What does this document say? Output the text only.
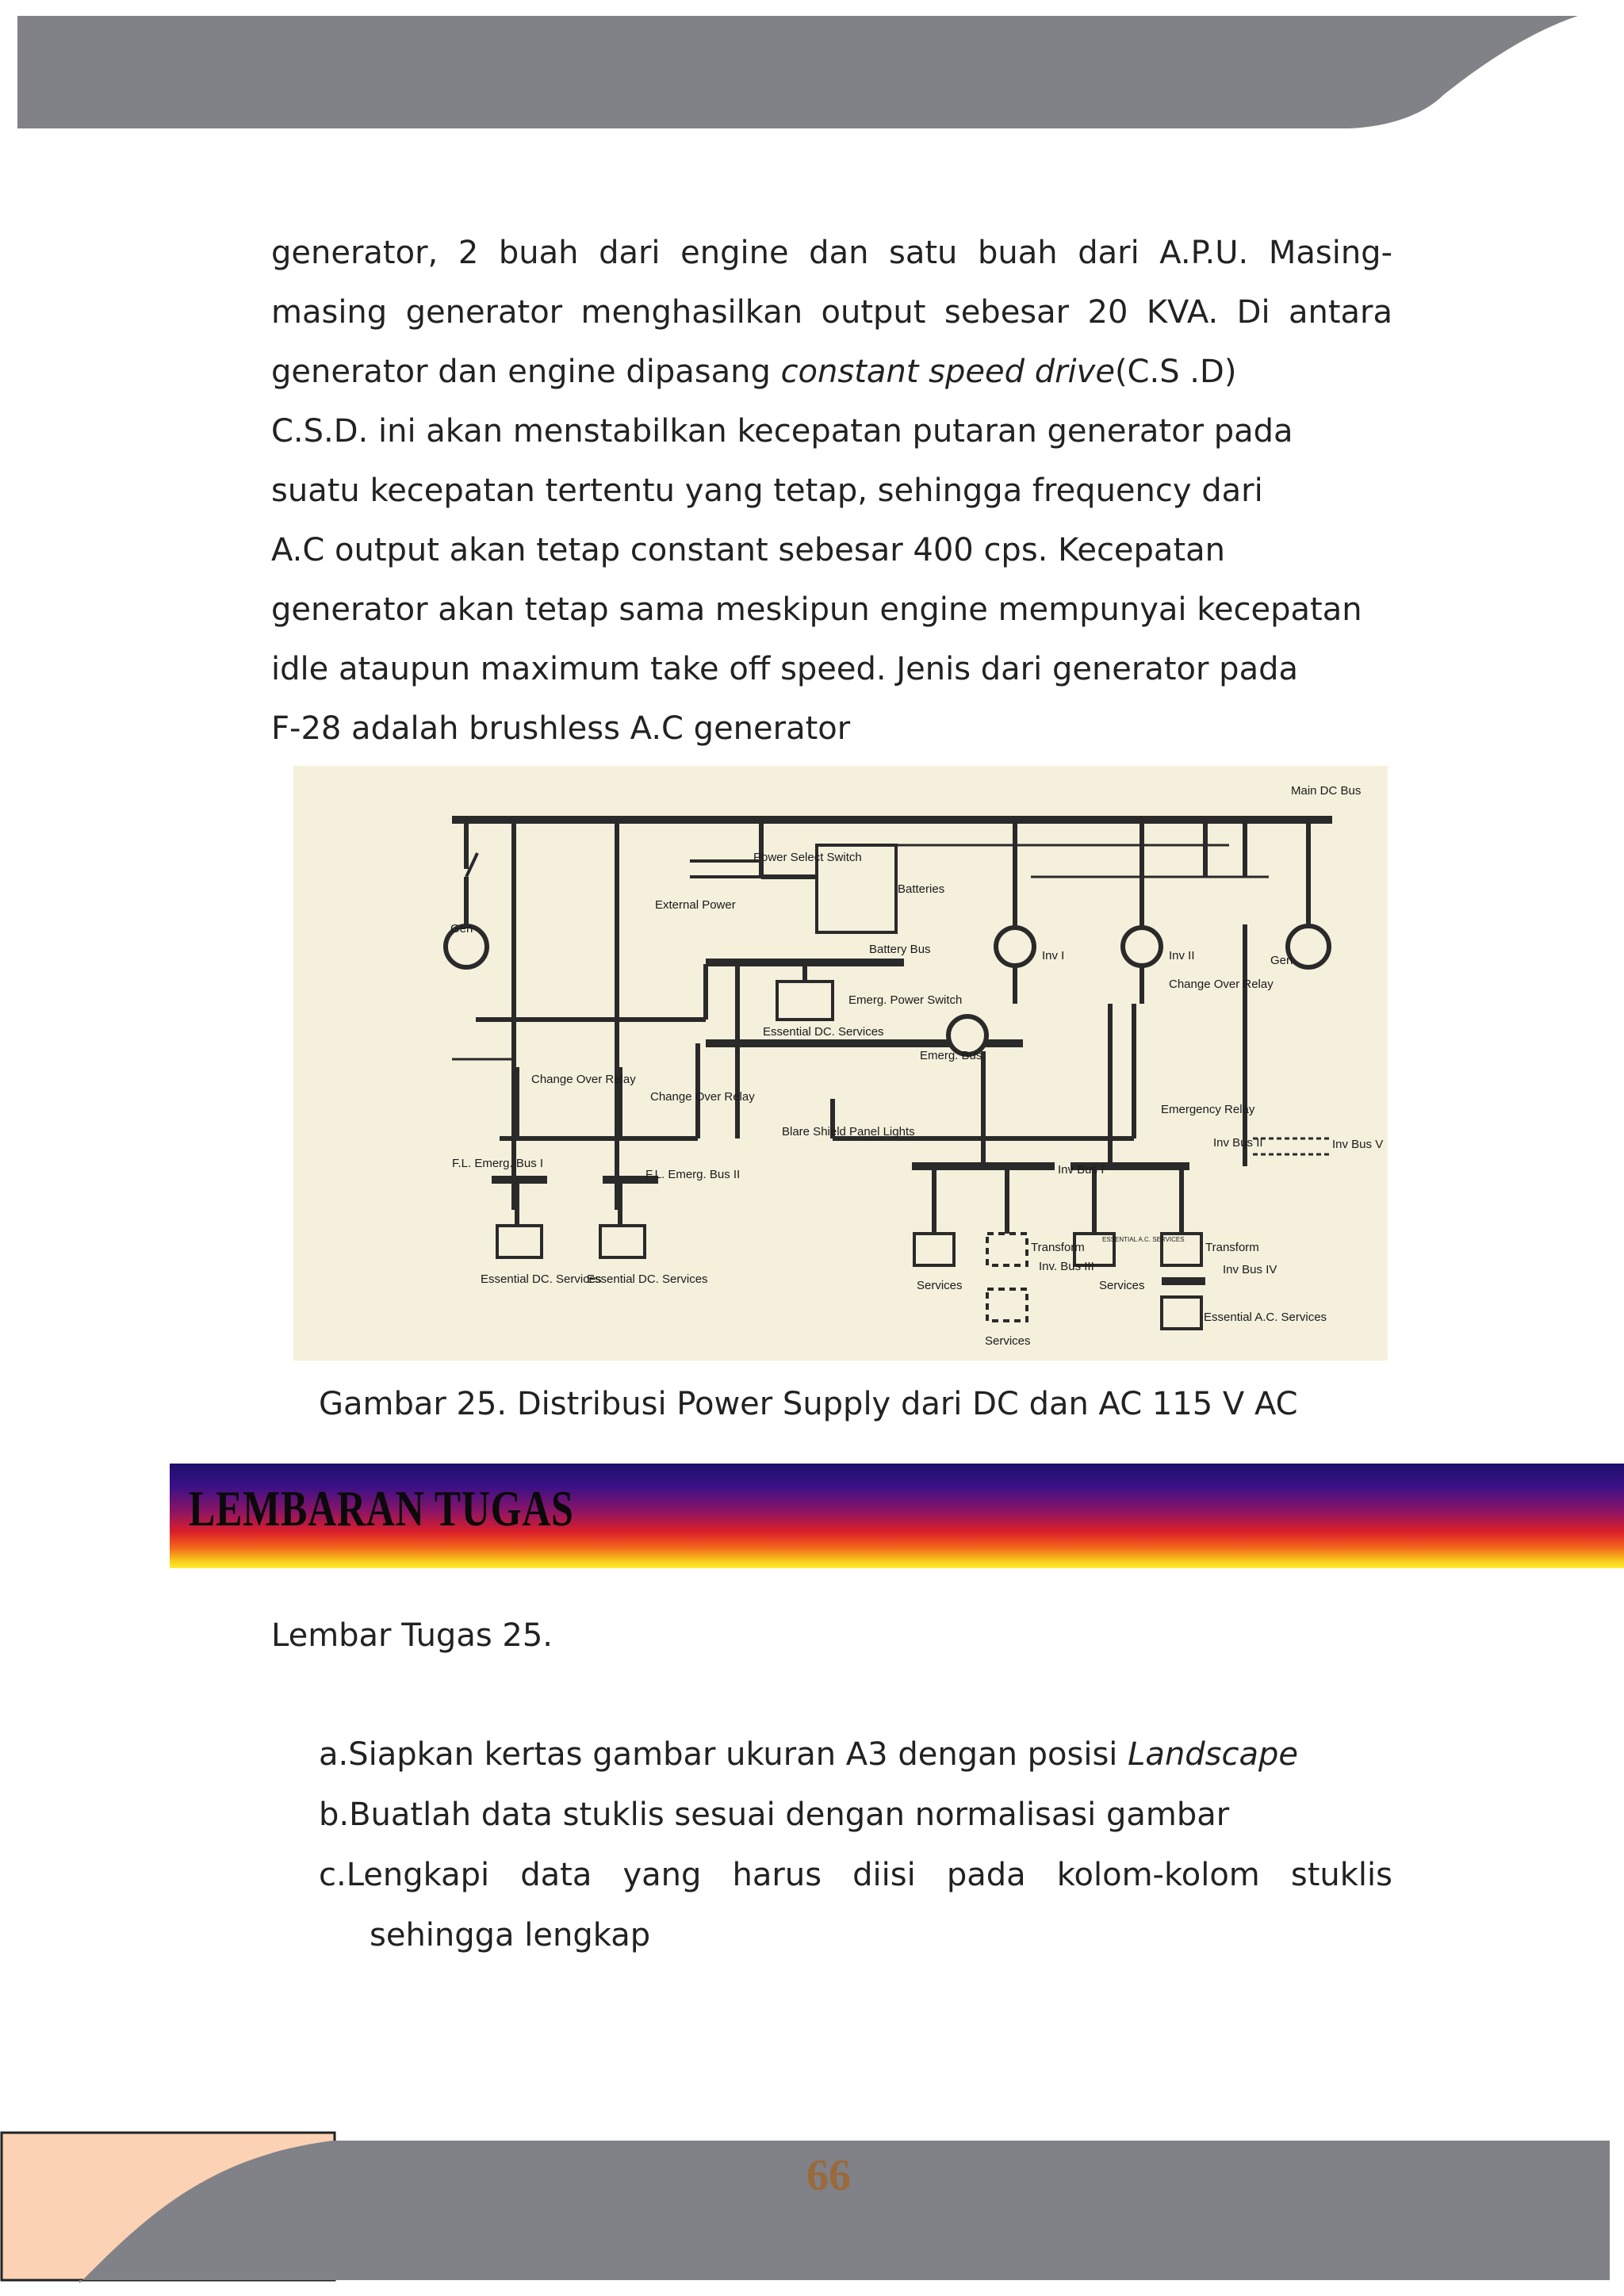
generator, 2 buah dari engine dan satu buah dari A.P.U. Masing-
masing generator menghasilkan output sebesar 20 KVA. Di antara
generator dan engine dipasang constant speed drive(C.S .D)
C.S.D. ini akan menstabilkan kecepatan putaran generator pada
suatu kecepatan tertentu yang tetap, sehingga frequency dari
A.C output akan tetap constant sebesar 400 cps. Kecepatan
generator akan tetap sama meskipun engine mempunyai kecepatan
idle ataupun maximum take off speed. Jenis dari generator pada
F-28 adalah brushless A.C generator
Main DC Bus
Gen
Gen
External Power
Power Select Switch
Batteries
Battery Bus
Essential DC. Services
Emerg. Power Switch
Emerg. Bus
Inv I	Inv II
Change Over Relay
Change Over Relay
Change Over Relay
Blare Shield Panel Lights
F.L. Emerg. Bus I
F.L. Emerg. Bus II
Emergency Relay
Inv Bus II
Inv Bus I
Inv. Bus III	Inv Bus IV
Inv Bus V
Transform	Transform
ESSENTIAL A.C. SERVICES
Services
Services
Services
Essential A.C. Services
Essential DC. Services
Essential DC. Services
Gambar 25. Distribusi Power Supply dari DC dan AC 115 V AC
LEMBARAN TUGAS
Lembar Tugas 25.
a.Siapkan kertas gambar ukuran A3 dengan posisi Landscape
b.Buatlah data stuklis sesuai dengan normalisasi gambar
c.Lengkapi data yang harus diisi pada kolom-kolom stuklis
sehingga lengkap
66
